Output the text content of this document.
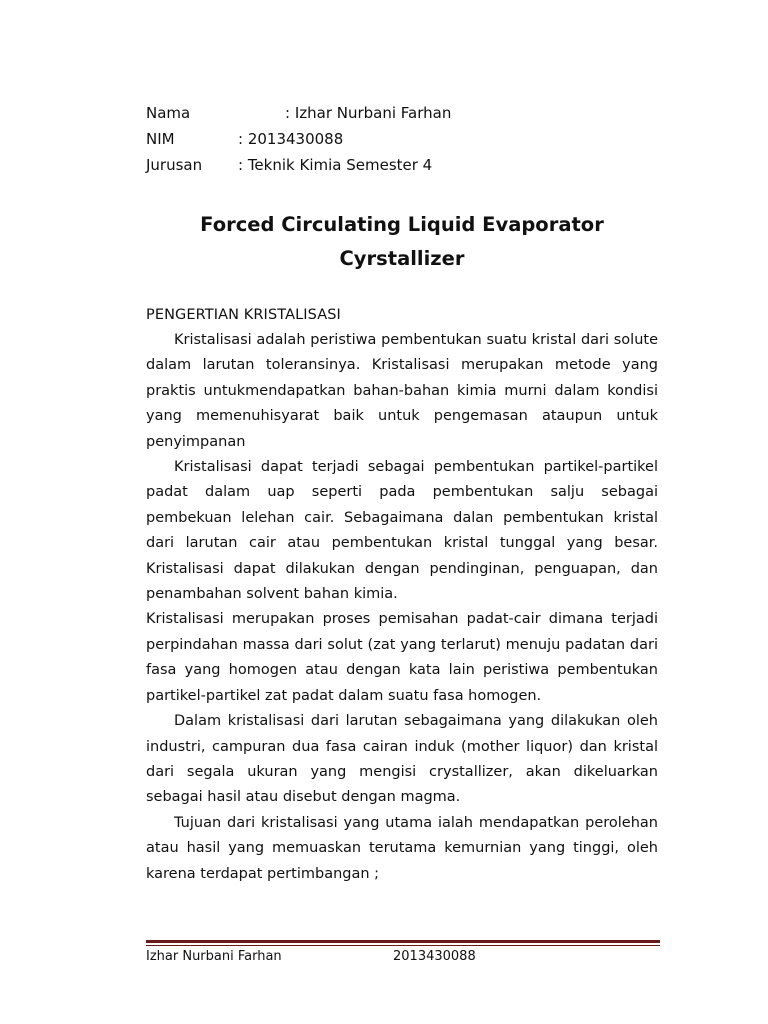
Nama	: Izhar Nurbani Farhan
NIM	: 2013430088
Jurusan : Teknik Kimia Semester 4
Forced Circulating Liquid Evaporator Cyrstallizer
PENGERTIAN KRISTALISASI

Kristalisasi adalah peristiwa pembentukan suatu kristal dari solute dalam larutan toleransinya. Kristalisasi merupakan metode yang praktis untukmendapatkan bahan-bahan kimia murni dalam kondisi yang memenuhisyarat baik untuk pengemasan ataupun untuk penyimpanan

Kristalisasi dapat terjadi sebagai pembentukan partikel-partikel padat dalam uap seperti pada pembentukan salju sebagai pembekuan lelehan cair. Sebagaimana dalan pembentukan kristal dari larutan cair atau pembentukan kristal tunggal yang besar. Kristalisasi dapat dilakukan dengan pendinginan, penguapan, dan penambahan solvent bahan kimia.

Kristalisasi merupakan proses pemisahan padat-cair dimana terjadi perpindahan massa dari solut (zat yang terlarut) menuju padatan dari fasa yang homogen atau dengan kata lain peristiwa pembentukan partikel-partikel zat padat dalam suatu fasa homogen.

Dalam kristalisasi dari larutan sebagaimana yang dilakukan oleh industri, campuran dua fasa cairan induk (mother liquor) dan kristal dari segala ukuran yang mengisi crystallizer, akan dikeluarkan sebagai hasil atau disebut dengan magma.

Tujuan dari kristalisasi yang utama ialah mendapatkan perolehan atau hasil yang memuaskan terutama kemurnian yang tinggi, oleh karena terdapat pertimbangan ;

Izhar Nurbani Farhan	2013430088
